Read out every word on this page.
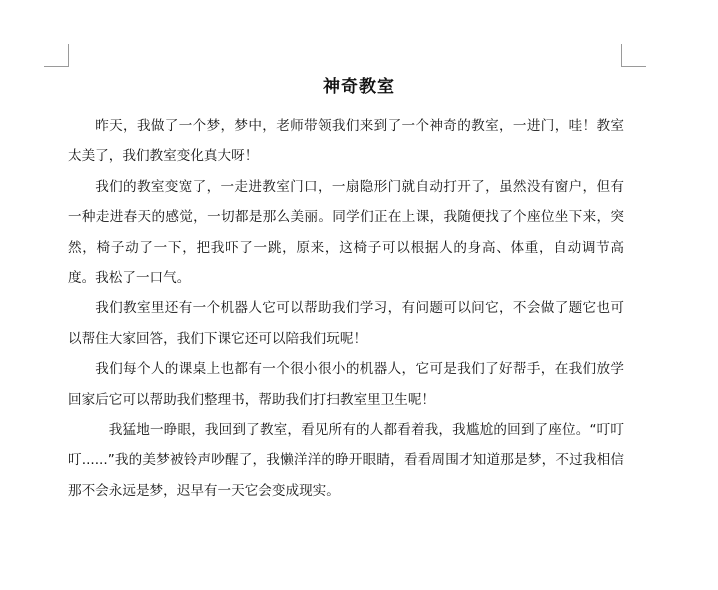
神奇教室

昨天，我做了一个梦，梦中，老师带领我们来到了一个神奇的教室，一进门，哇！教室太美了，我们教室变化真大呀！

我们的教室变宽了，一走进教室门口，一扇隐形门就自动打开了，虽然没有窗户，但有一种走进春天的感觉，一切都是那么美丽。同学们正在上课，我随便找了个座位坐下来，突然，椅子动了一下，把我吓了一跳，原来，这椅子可以根据人的身高、体重，自动调节高度。我松了一口气。

我们教室里还有一个机器人它可以帮助我们学习，有问题可以问它，不会做了题它也可以帮住大家回答，我们下课它还可以陪我们玩呢！

我们每个人的课桌上也都有一个很小很小的机器人，它可是我们了好帮手，在我们放学回家后它可以帮助我们整理书，帮助我们打扫教室里卫生呢！

我猛地一睁眼，我回到了教室，看见所有的人都看着我，我尴尬的回到了座位。“叮叮叮......”我的美梦被铃声吵醒了，我懒洋洋的睁开眼睛，看看周围才知道那是梦，不过我相信那不会永远是梦，迟早有一天它会变成现实。
